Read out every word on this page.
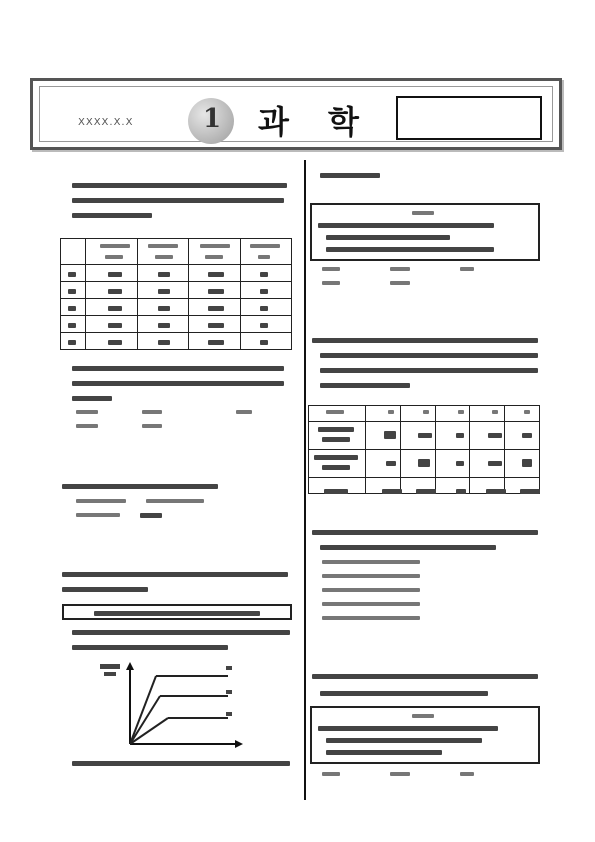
XXXX.X.X	1	과 학
